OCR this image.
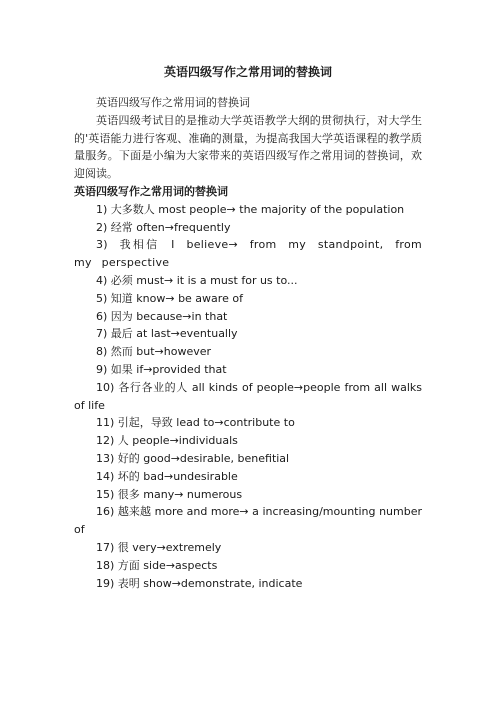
英语四级写作之常用词的替换词

英语四级写作之常用词的替换词

英语四级考试目的是推动大学英语教学大纲的贯彻执行，对大学生的'英语能力进行客观、准确的测量，为提高我国大学英语课程的教学质量服务。下面是小编为大家带来的英语四级写作之常用词的替换词，欢迎阅读。

英语四级写作之常用词的替换词

1) 大多数人 most people→ the majority of the population

2) 经常 often→frequently

3) 我相信 I believe→ from my standpoint, from my perspective

4) 必须 must→ it is a must for us to...

5) 知道 know→ be aware of

6) 因为 because→in that

7) 最后 at last→eventually

8) 然而 but→however

9) 如果 if→provided that

10) 各行各业的人 all kinds of people→people from all walks of life

11) 引起，导致 lead to→contribute to

12) 人 people→individuals

13) 好的 good→desirable, benefitial

14) 坏的 bad→undesirable

15) 很多 many→ numerous

16) 越来越 more and more→ a increasing/mounting number of

17) 很 very→extremely

18) 方面 side→aspects

19) 表明 show→demonstrate, indicate
